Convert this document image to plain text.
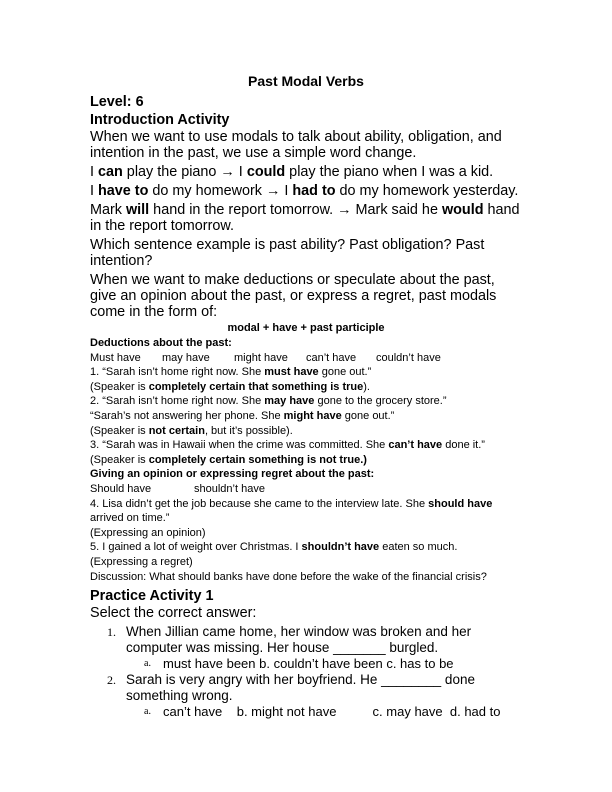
Past Modal Verbs
Level: 6
Introduction Activity

When we want to use modals to talk about ability, obligation, and intention in the past, we use a simple word change.

I can play the piano → I could play the piano when I was a kid.

I have to do my homework → I had to do my homework yesterday.

Mark will hand in the report tomorrow. → Mark said he would hand in the report tomorrow.

Which sentence example is past ability? Past obligation? Past intention?

When we want to make deductions or speculate about the past, give an opinion about the past, or express a regret, past modals come in the form of:

modal + have + past participle

Deductions about the past:

Must have may have might have can’t have couldn’t have

1. “Sarah isn’t home right now. She must have gone out.”

(Speaker is completely certain that something is true).

2. “Sarah isn’t home right now. She may have gone to the grocery store.”

“Sarah’s not answering her phone. She might have gone out.”

(Speaker is not certain, but it’s possible).

3. “Sarah was in Hawaii when the crime was committed. She can’t have done it.”

(Speaker is completely certain something is not true.)

Giving an opinion or expressing regret about the past:

Should have	shouldn’t have

4. Lisa didn’t get the job because she came to the interview late. She should have arrived on time.”

(Expressing an opinion)

5. I gained a lot of weight over Christmas. I shouldn’t have eaten so much.

(Expressing a regret)

Discussion: What should banks have done before the wake of the financial crisis?

Practice Activity 1
Select the correct answer:
1. When Jillian came home, her window was broken and her computer was missing. Her house _______ burgled.
a. must have been b. couldn’t have been c. has to be
2. Sarah is very angry with her boyfriend. He ________ done something wrong.
a. can’t have    b. might not have          c. may have  d. had to
